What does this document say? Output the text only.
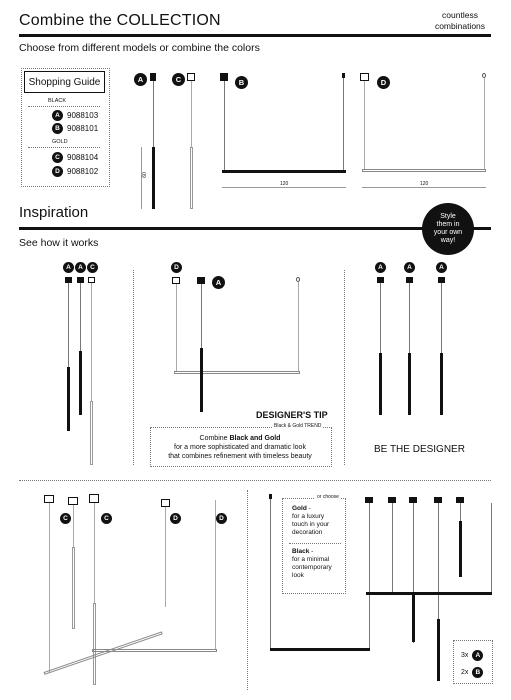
Combine the COLLECTION	countless
combinations
Choose from different models or combine the colors
Shopping Guide
BLACK
A 9088103
B 9088101
GOLD
C 9088104
D 9088102
A
60
C	B
120
D
120
Inspiration
See how it works
Style
them in
your own
way!
A	A	C	D
A
DESIGNER'S TIP
Black & Gold TREND
Combine Black and Gold
for a more sophisticated and dramatic look
that combines refinement with timeless beauty
A	A	A
BE THE DESIGNER
C	C	D	D
or choose
Gold -
for a luxury
touch in your
decoration
Black -
for a minimal
contemporary
look
3x	A
2x	B
